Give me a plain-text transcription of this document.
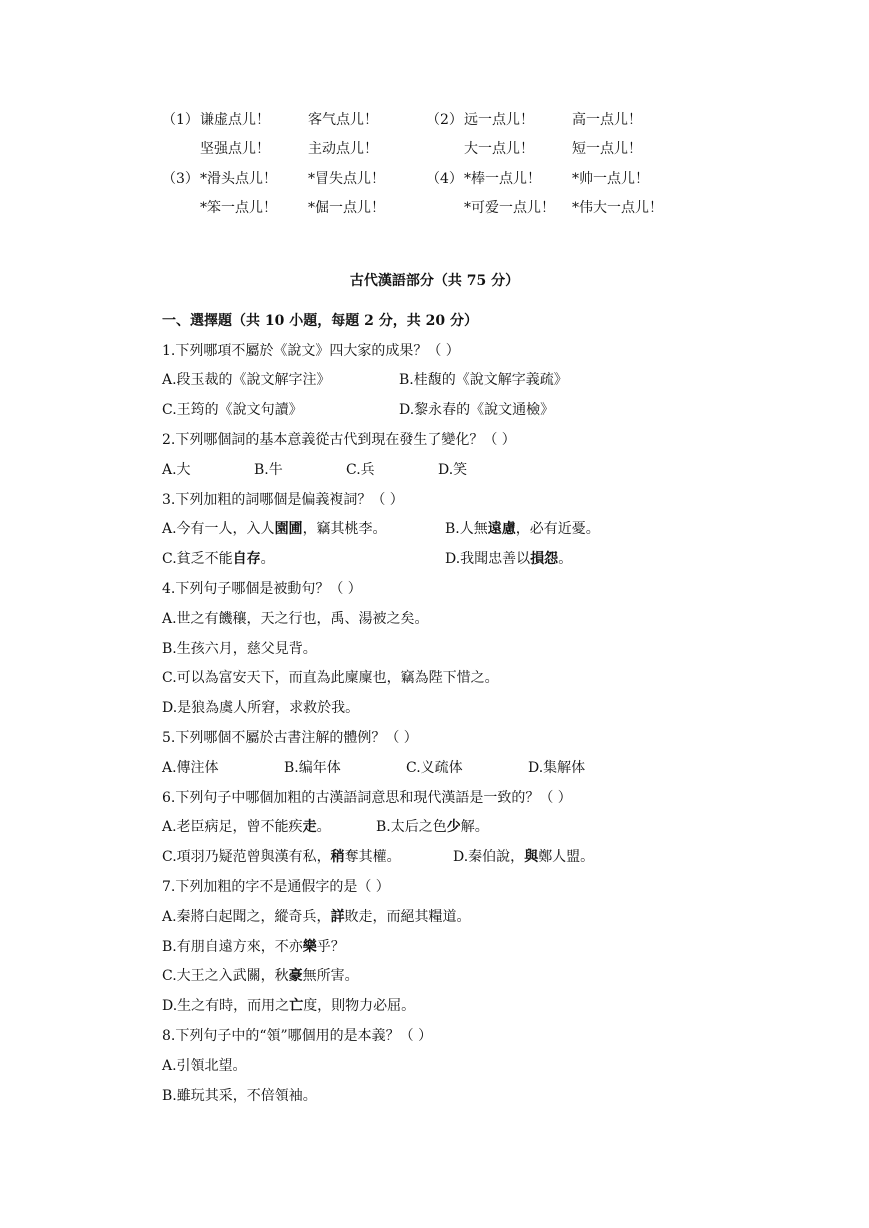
（1） 谦虚点儿！	客气点儿！	（2） 远一点儿！	高一点儿！
坚强点儿！	主动点儿！	大一点儿！	短一点儿！
（3） *滑头点儿！	*冒失点儿！	（4） *棒一点儿！	*帅一点儿！
*笨一点儿！	*倔一点儿！	*可爱一点儿！	*伟大一点儿！
古代漢語部分（共 75 分）
一、選擇題（共 10 小題，每題 2 分，共 20 分）
1.下列哪項不屬於《說文》四大家的成果？（ ）
A.段玉裁的《說文解字注》	B.桂馥的《說文解字義疏》
C.王筠的《說文句讀》	D.黎永春的《說文通檢》
2.下列哪個詞的基本意義從古代到現在發生了變化？（ ）
A.大	B.牛	C.兵	D.笑
3.下列加粗的詞哪個是偏義複詞？（ ）
A.今有一人，入人園圃，竊其桃李。	B.人無遠慮，必有近憂。
C.貧乏不能自存。	D.我聞忠善以損怨。
4.下列句子哪個是被動句？（ ）
A.世之有饑穰，天之行也，禹、湯被之矣。
B.生孩六月，慈父見背。
C.可以為富安天下，而直為此廩廩也，竊為陛下惜之。
D.是狼為虞人所窘，求救於我。
5.下列哪個不屬於古書注解的體例？（ ）
A.傳注体	B.编年体	C.义疏体	D.集解体
6.下列句子中哪個加粗的古漢語詞意思和現代漢語是一致的？（ ）
A.老臣病足，曾不能疾走。	B.太后之色少解。
C.項羽乃疑范曾與漢有私，稍奪其權。	D.秦伯說，與鄭人盟。
7.下列加粗的字不是通假字的是（ ）
A.秦將白起聞之，縱奇兵， 詳 敗走，而絕其糧道。
B.有朋自遠方來，不亦 樂 乎？
C.大王之入武關，秋 豪 無所害。
D.生之有時，而用之 亡 度，則物力必屈。
8.下列句子中的“領”哪個用的是本義？（ ）
A.引領北望。
B.雖玩其采，不倍領袖。
